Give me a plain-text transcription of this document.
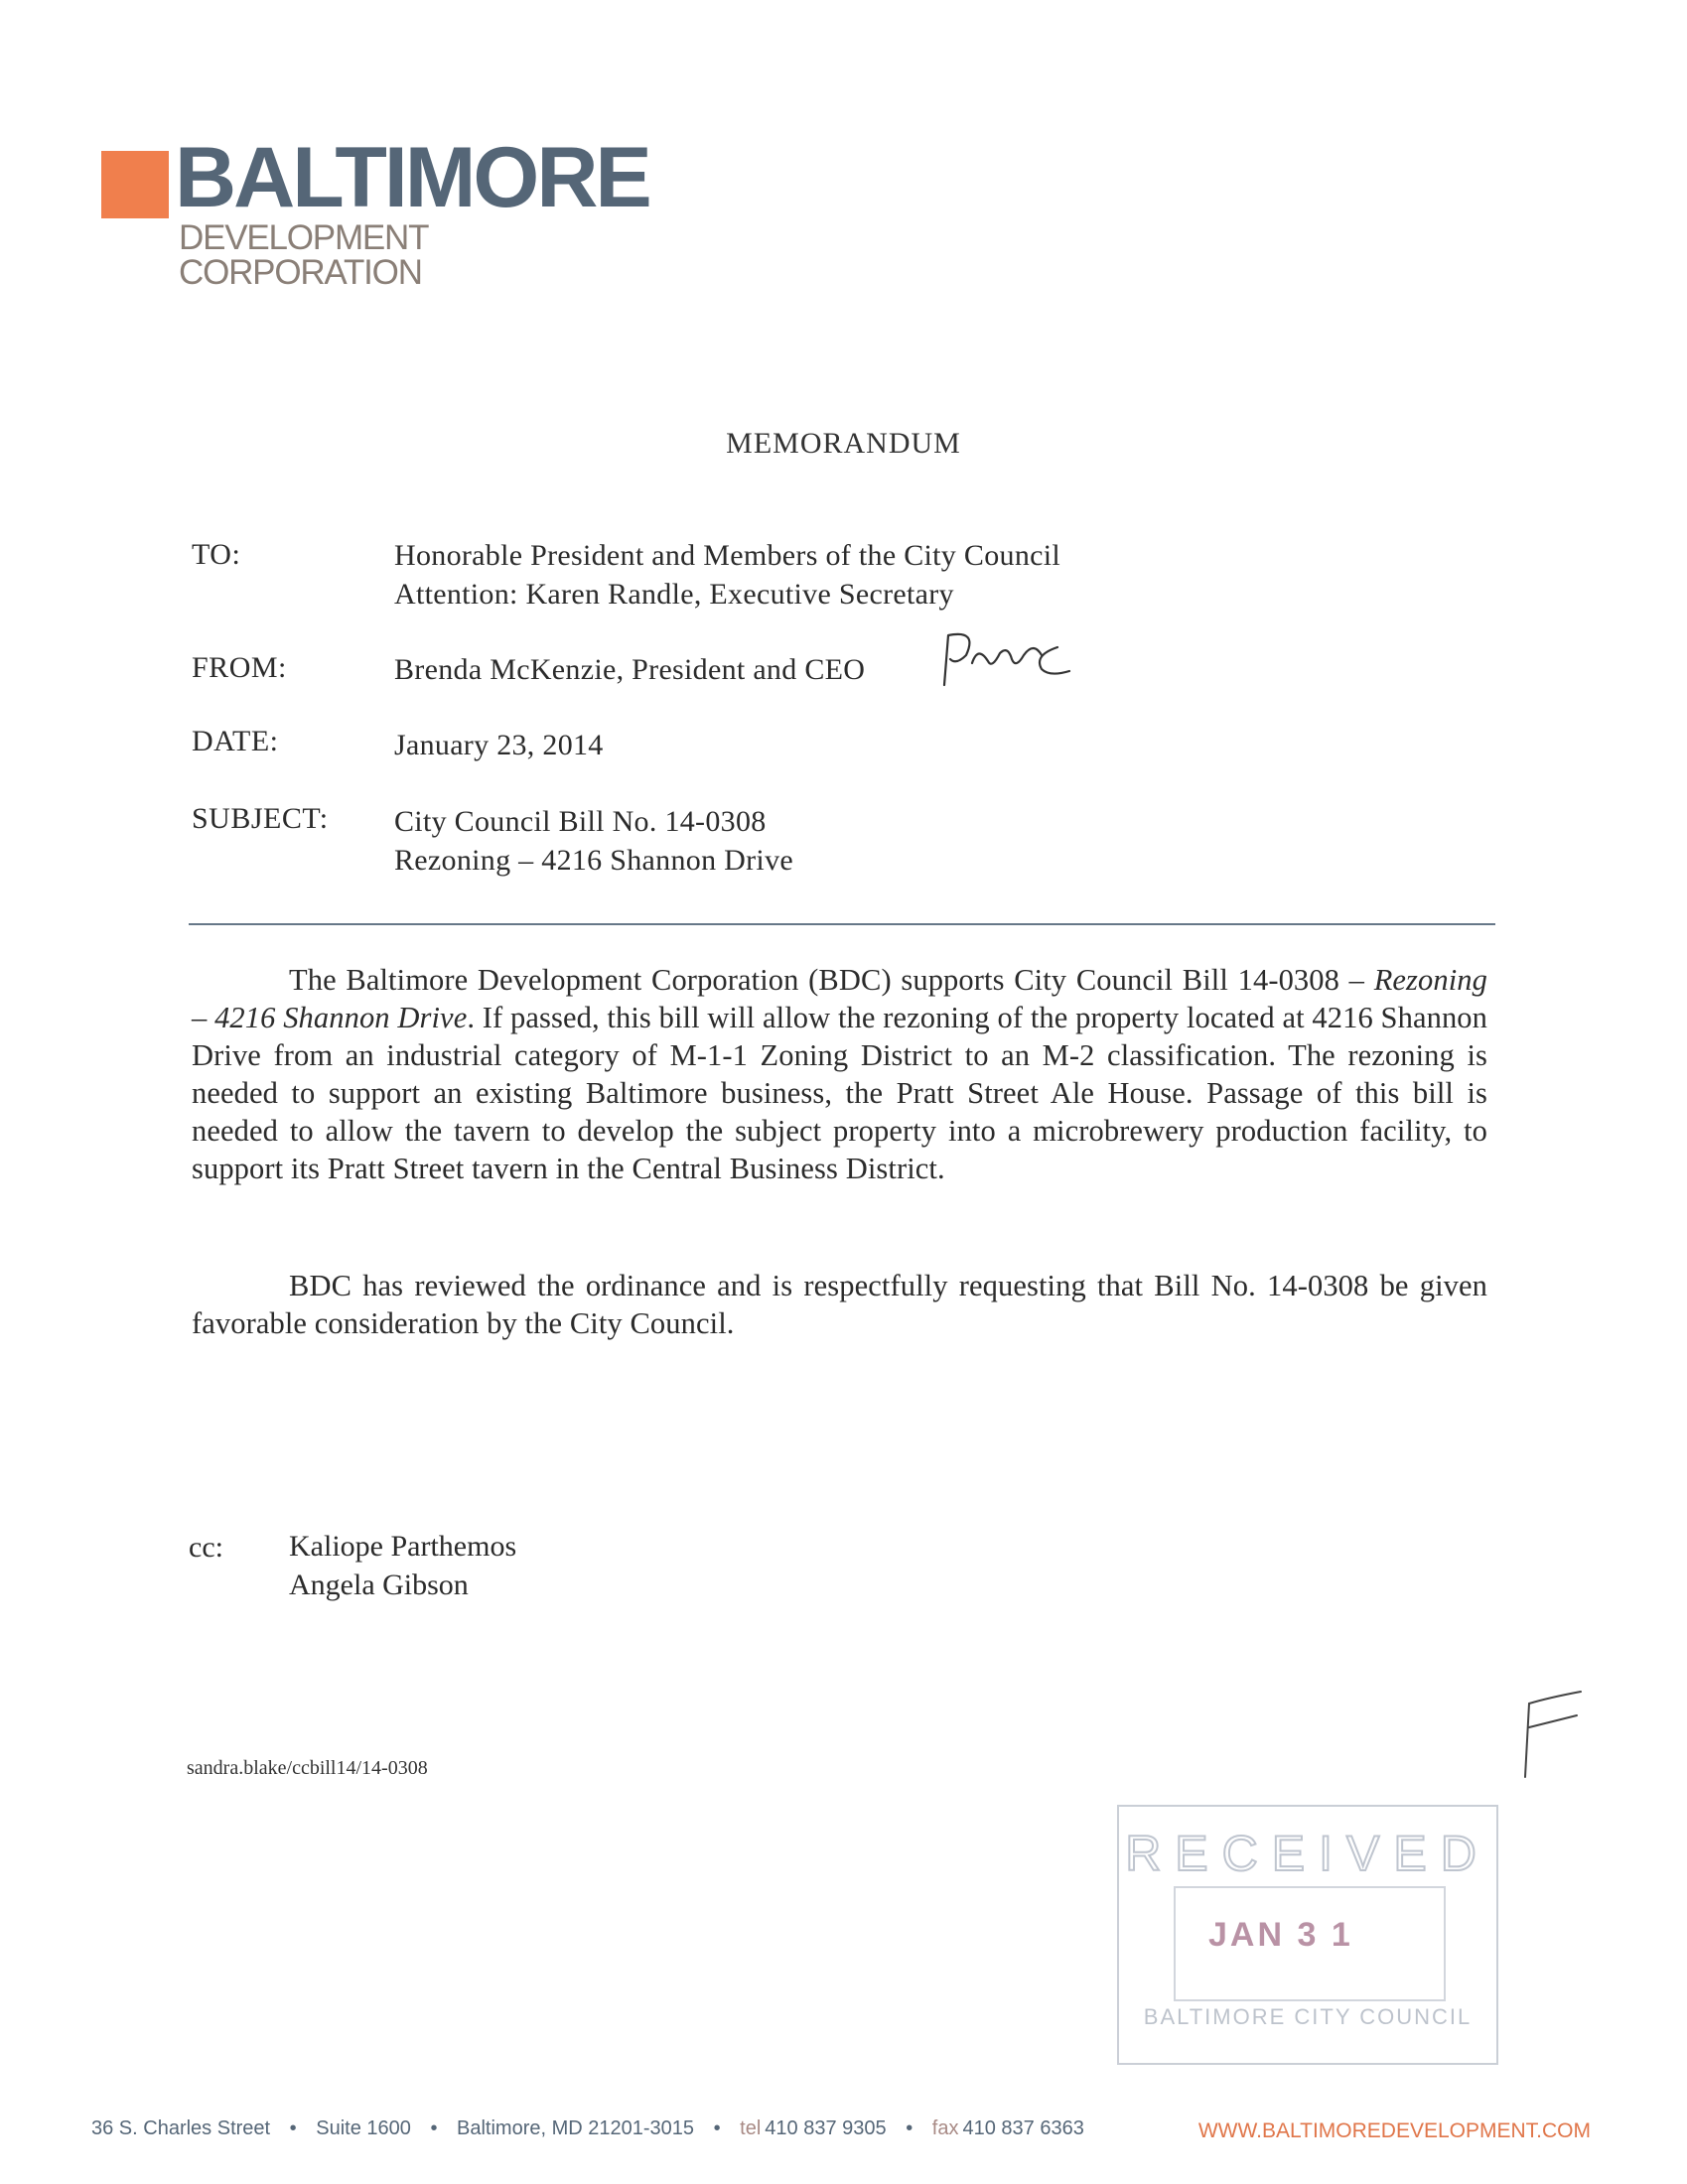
BALTIMORE
DEVELOPMENT CORPORATION
MEMORANDUM
TO:	Honorable President and Members of the City Council
Attention: Karen Randle, Executive Secretary
FROM:	Brenda McKenzie, President and CEO
DATE:	January 23, 2014
SUBJECT: City Council Bill No. 14-0308
Rezoning – 4216 Shannon Drive
The Baltimore Development Corporation (BDC) supports City Council Bill 14-0308 – Rezoning – 4216 Shannon Drive. If passed, this bill will allow the rezoning of the property located at 4216 Shannon Drive from an industrial category of M-1-1 Zoning District to an M-2 classification. The rezoning is needed to support an existing Baltimore business, the Pratt Street Ale House. Passage of this bill is needed to allow the tavern to develop the subject property into a microbrewery production facility, to support its Pratt Street tavern in the Central Business District.
BDC has reviewed the ordinance and is respectfully requesting that Bill No. 14-0308 be given favorable consideration by the City Council.
cc: Kaliope Parthemos
Angela Gibson
sandra.blake/ccbill14/14-0308
RECEIVED
JAN 3 1
BALTIMORE CITY COUNCIL
36 S. Charles Street • Suite 1600 • Baltimore, MD 21201-3015 • tel 410 837 9305 • fax 410 837 6363	WWW.BALTIMOREDEVELOPMENT.COM
